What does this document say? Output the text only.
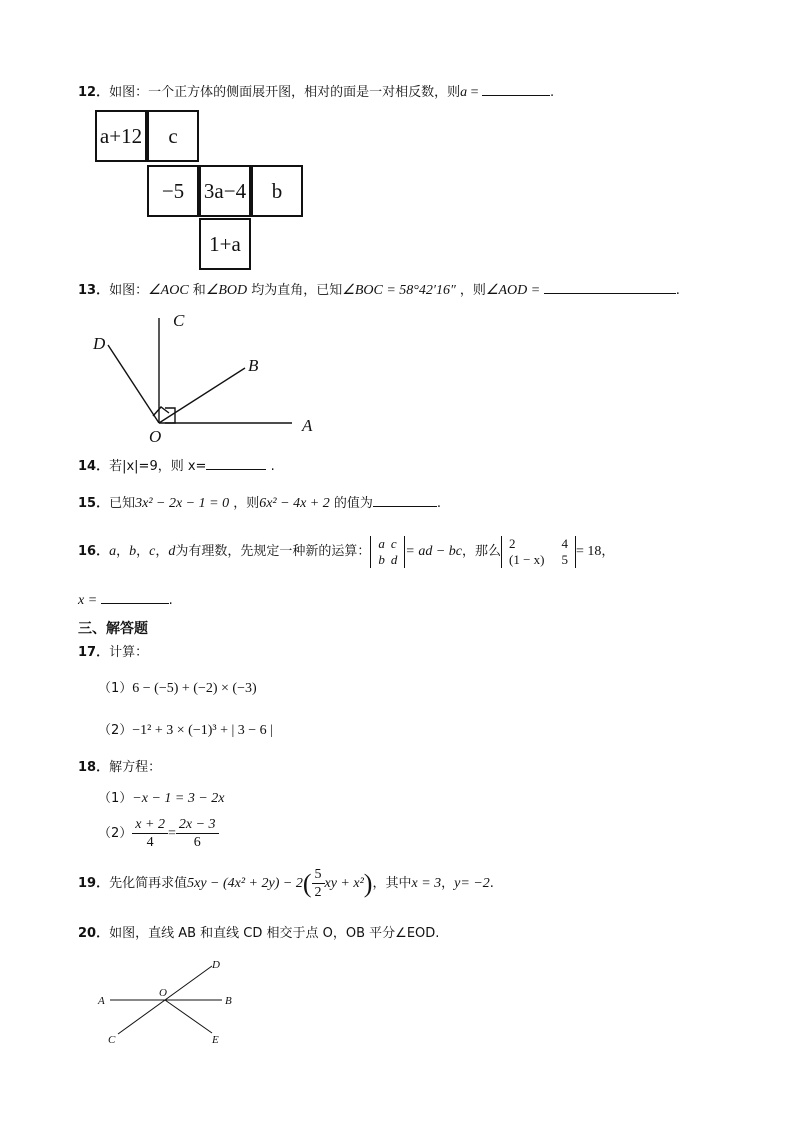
12．如图：一个正方体的侧面展开图，相对的面是一对相反数，则a =	.
a+12	c
−5 3a−4	b
1+a
13．如图：∠AOC 和∠BOD 均为直角，已知∠BOC = 58°42′16″ ，则∠AOD =	.
C
D
B
O
A
14．若|x|=9，则 x=	.
15．已知3x² − 2x − 1 = 0 ，则6x² − 4x + 2 的值为	.
16． a ， b ， c ， d 为有理数，先规定一种新的运算：
a	c
b	d
= ad − bc ，那么
2	4
(1 − x)	5
= 18 ，
x =	.
三、解答题
17．计算：
（1）6 − (−5) + (−2) × (−3)
（2）−1² + 3 × (−1)³ + | 3 − 6 |
18．解方程：
（1）−x − 1 = 3 − 2x
$(2) \frac{x + 2}{4} = \frac{2x - 3}{6}$
19． 先化简再求值 5xy − (4x² + 2y) − 2 ( $\frac{5}{2}$ xy + x² ) ，其中 x = 3 ， y= −2 .
20．如图，直线 AB 和直线 CD 相交于点 O，OB 平分∠EOD.
A	B
C
D
E
O
